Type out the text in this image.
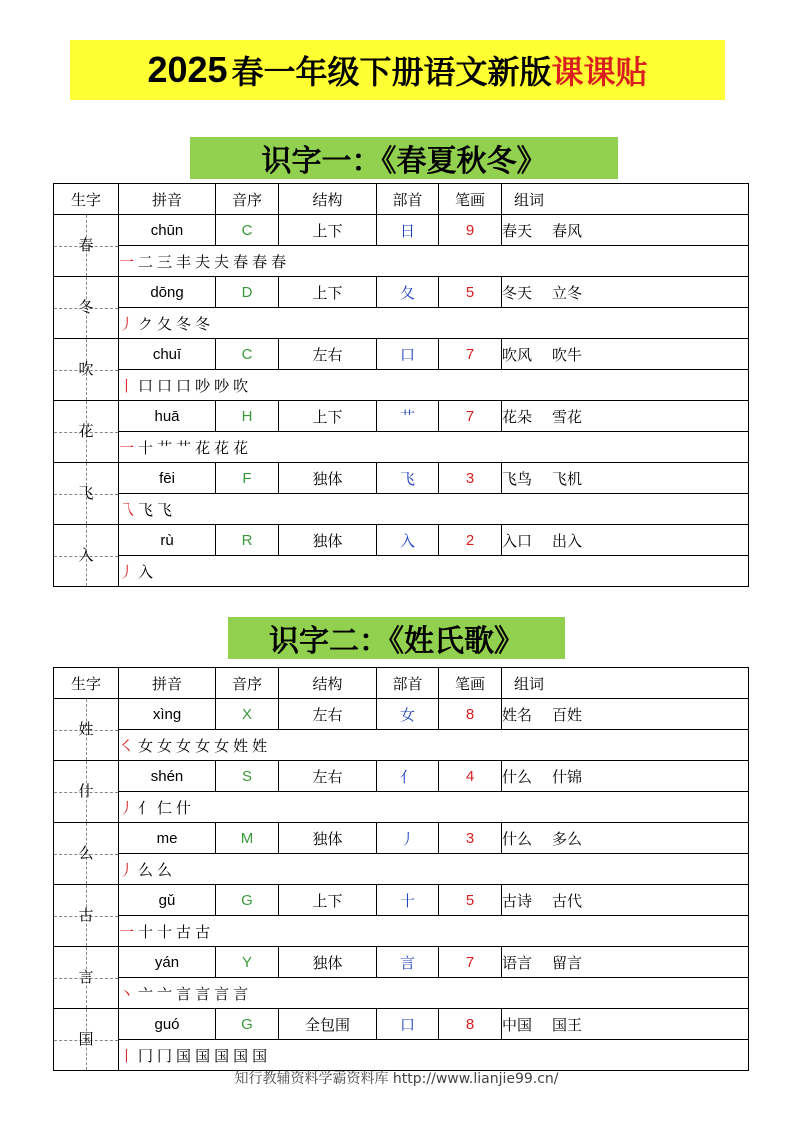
2025 春一年级下册语文新版 课课贴
识字一：《春夏秋冬》
生字	拼音	音序	结构	部首	笔画	组词

春	chūn	C	上下	日	9	春天 春风
	一二三丰夫夫春春春					

冬	dōng	D	上下	夂	5	冬天 立冬
	丿ク夂冬冬					

吹	chuī	C	左右	口	7	吹风 吹牛
	丨口口口吵吵吹					

花	huā	H	上下	艹	7	花朵 雪花
	一十艹艹花花花					

飞	fēi	F	独体	飞	3	飞鸟 飞机
	乁飞飞					

入	rù	R	独体	入	2	入口 出入
	丿入					
识字二：《姓氏歌》
生字	拼音	音序	结构	部首	笔画	组词

姓	xìng	X	左右	女	8	姓名 百姓
	㇛女女女女女姓姓					

什	shén	S	左右	亻	4	什么 什锦
	丿亻仁什					

么	me	M	独体	丿	3	什么 多么
	丿么么					

古	gǔ	G	上下	十	5	古诗 古代
	一十十古古					

言	yán	Y	独体	言	7	语言 留言
	丶亠亠言言言言					

国	guó	G	全包围	口	8	中国 国王
	丨冂冂国国国国国					
知行教辅资料学霸资料库 http://www.lianjie99.cn/
